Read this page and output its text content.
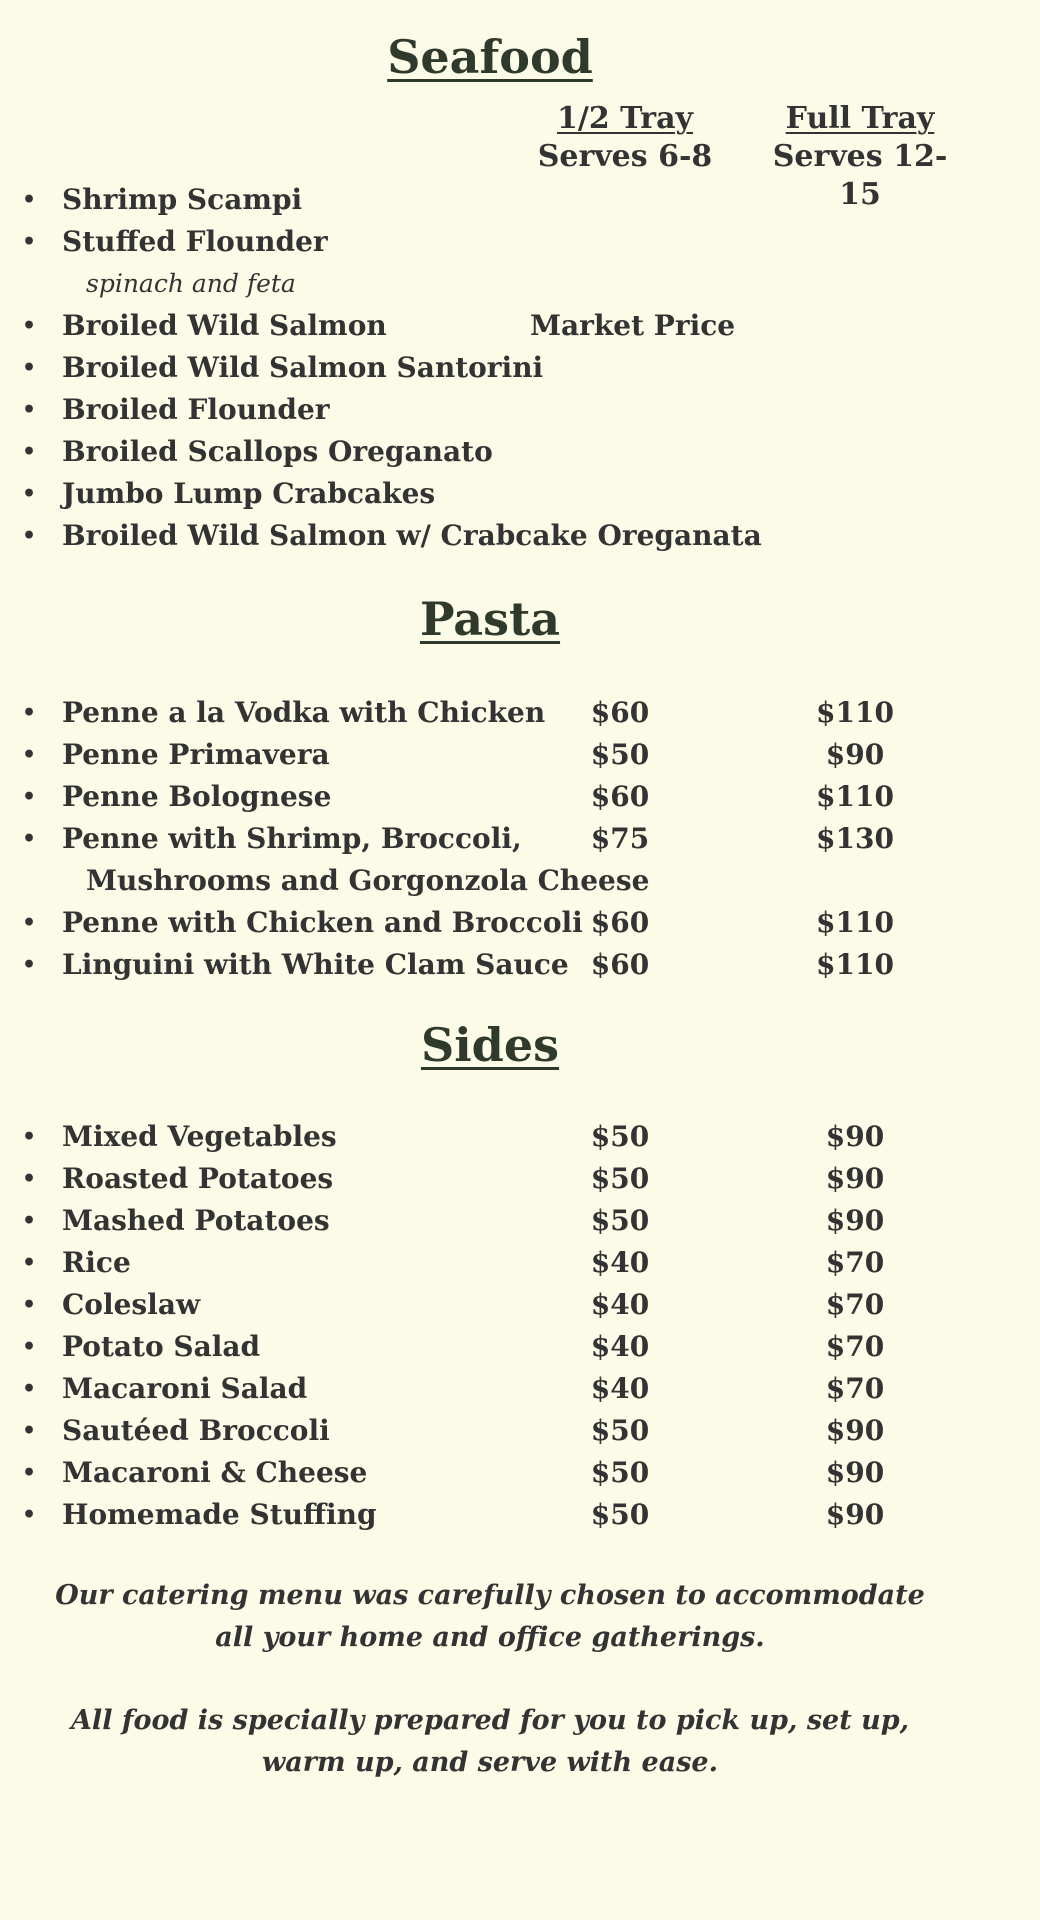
Seafood
1/2 Tray
Serves 6-8
Full Tray
Serves 12-15
• Shrimp Scampi
• Stuffed Flounder
spinach and feta
• Broiled Wild Salmon	Market Price
• Broiled Wild Salmon Santorini
• Broiled Flounder
• Broiled Scallops Oreganato
• Jumbo Lump Crabcakes
• Broiled Wild Salmon w/ Crabcake Oreganata
Pasta
• Penne a la Vodka with Chicken	$60	$110
• Penne Primavera	$50	$90
• Penne Bolognese	$60	$110
• Penne with Shrimp, Broccoli,	$75	$130
Mushrooms and Gorgonzola Cheese
• Penne with Chicken and Broccoli $60	$110
• Linguini with White Clam Sauce $60	$110
Sides
• Mixed Vegetables	$50	$90
• Roasted Potatoes	$50	$90
• Mashed Potatoes	$50	$90
• Rice	$40	$70
• Coleslaw	$40	$70
• Potato Salad	$40	$70
• Macaroni Salad	$40	$70
• Sautéed Broccoli	$50	$90
• Macaroni & Cheese	$50	$90
• Homemade Stuffing	$50	$90

Our catering menu was carefully chosen to accommodate all your home and office gatherings.

All food is specially prepared for you to pick up, set up, warm up, and serve with ease.
